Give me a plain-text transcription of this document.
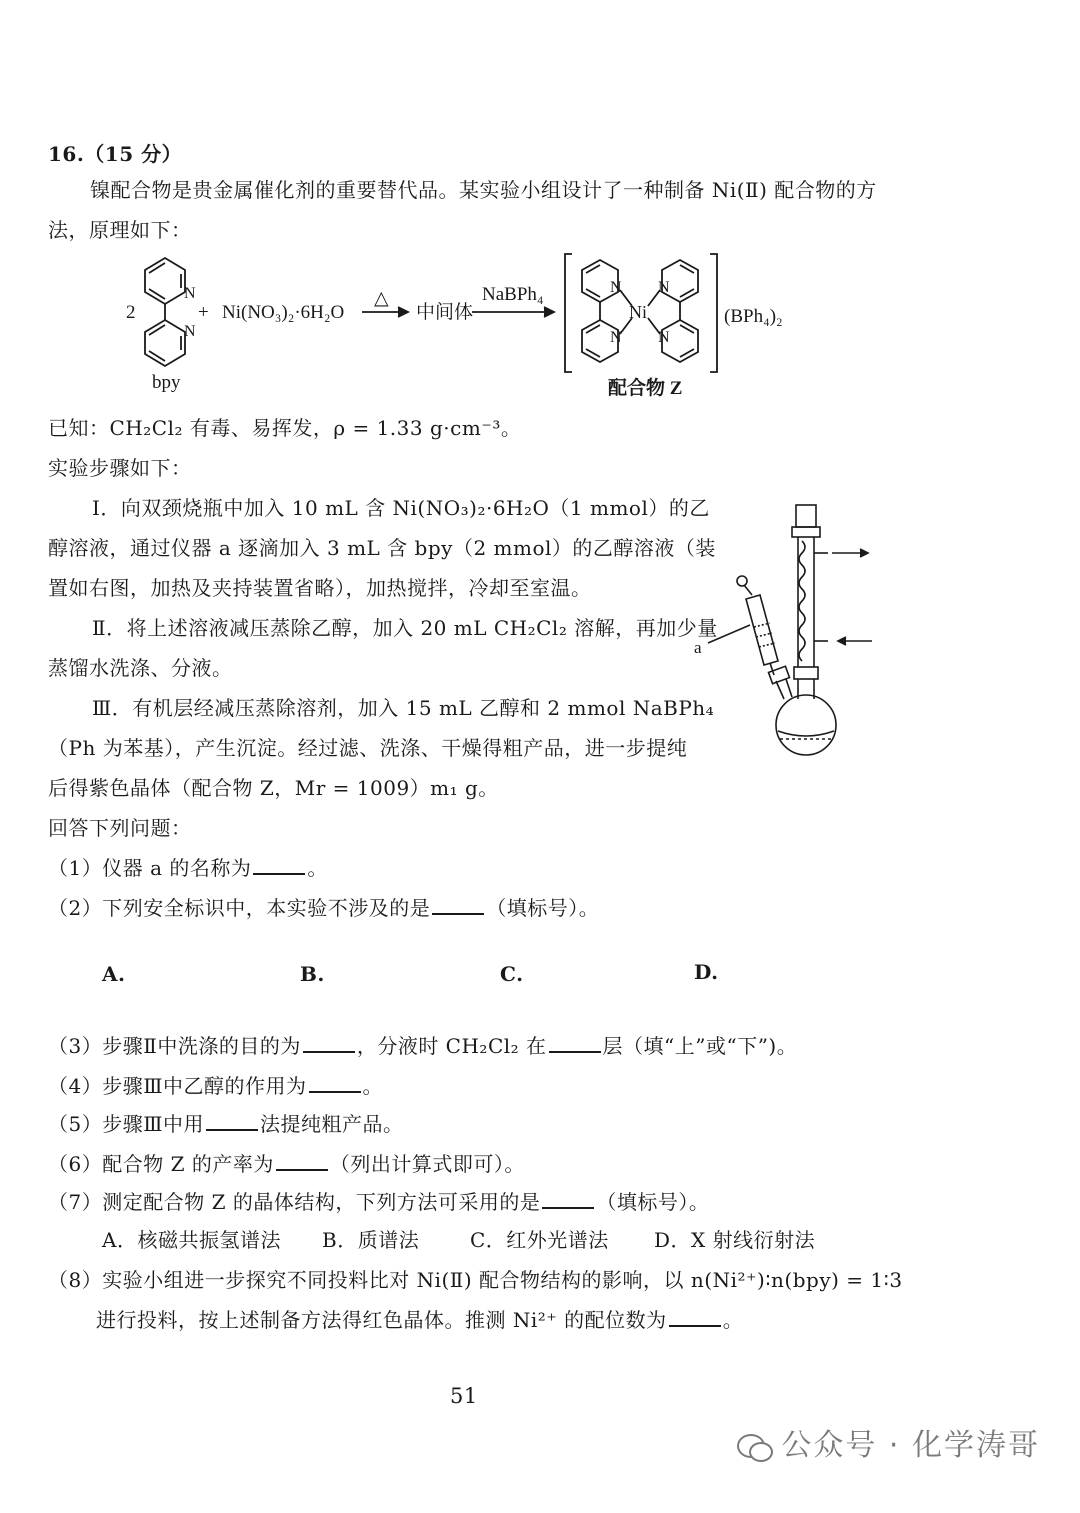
16.（15 分）
镍配合物是贵金属催化剂的重要替代品。某实验小组设计了一种制备 Ni(Ⅱ) 配合物的方
法，原理如下：
N
N
N
N
N
N
Ni
2
bpy
+ Ni(NO₃)₂·6H₂O
△
中间体
NaBPh₄
(BPh₄)₂
配合物 Z
已知：CH₂Cl₂ 有毒、易挥发，ρ = 1.33 g·cm⁻³。
实验步骤如下：
Ⅰ．向双颈烧瓶中加入 10 mL 含 Ni(NO₃)₂·6H₂O（1 mmol）的乙
醇溶液，通过仪器 a 逐滴加入 3 mL 含 bpy（2 mmol）的乙醇溶液（装
置如右图，加热及夹持装置省略），加热搅拌，冷却至室温。
Ⅱ．将上述溶液减压蒸除乙醇，加入 20 mL CH₂Cl₂ 溶解，再加少量
蒸馏水洗涤、分液。
Ⅲ．有机层经减压蒸除溶剂，加入 15 mL 乙醇和 2 mmol NaBPh₄
（Ph 为苯基），产生沉淀。经过滤、洗涤、干燥得粗产品，进一步提纯
后得紫色晶体（配合物 Z，Mr = 1009）m₁ g。
a
回答下列问题：
（1）仪器 a 的名称为	。
（2）下列安全标识中，本实验不涉及的是	（填标号）。
A.	B.	C.	D.
（3）步骤Ⅱ中洗涤的目的为	，分液时 CH₂Cl₂ 在	层（填“上”或“下”)。
（4）步骤Ⅲ中乙醇的作用为	。
（5）步骤Ⅲ中用	法提纯粗产品。
（6）配合物 Z 的产率为	（列出计算式即可）。
（7）测定配合物 Z 的晶体结构，下列方法可采用的是	（填标号）。
A．核磁共振氢谱法 B．质谱法	C．红外光谱法 D．X 射线衍射法
（8）实验小组进一步探究不同投料比对 Ni(Ⅱ) 配合物结构的影响，以 n(Ni²⁺)∶n(bpy) = 1∶3
进行投料，按上述制备方法得红色晶体。推测 Ni²⁺ 的配位数为	。
51
公众号 · 化学涛哥
